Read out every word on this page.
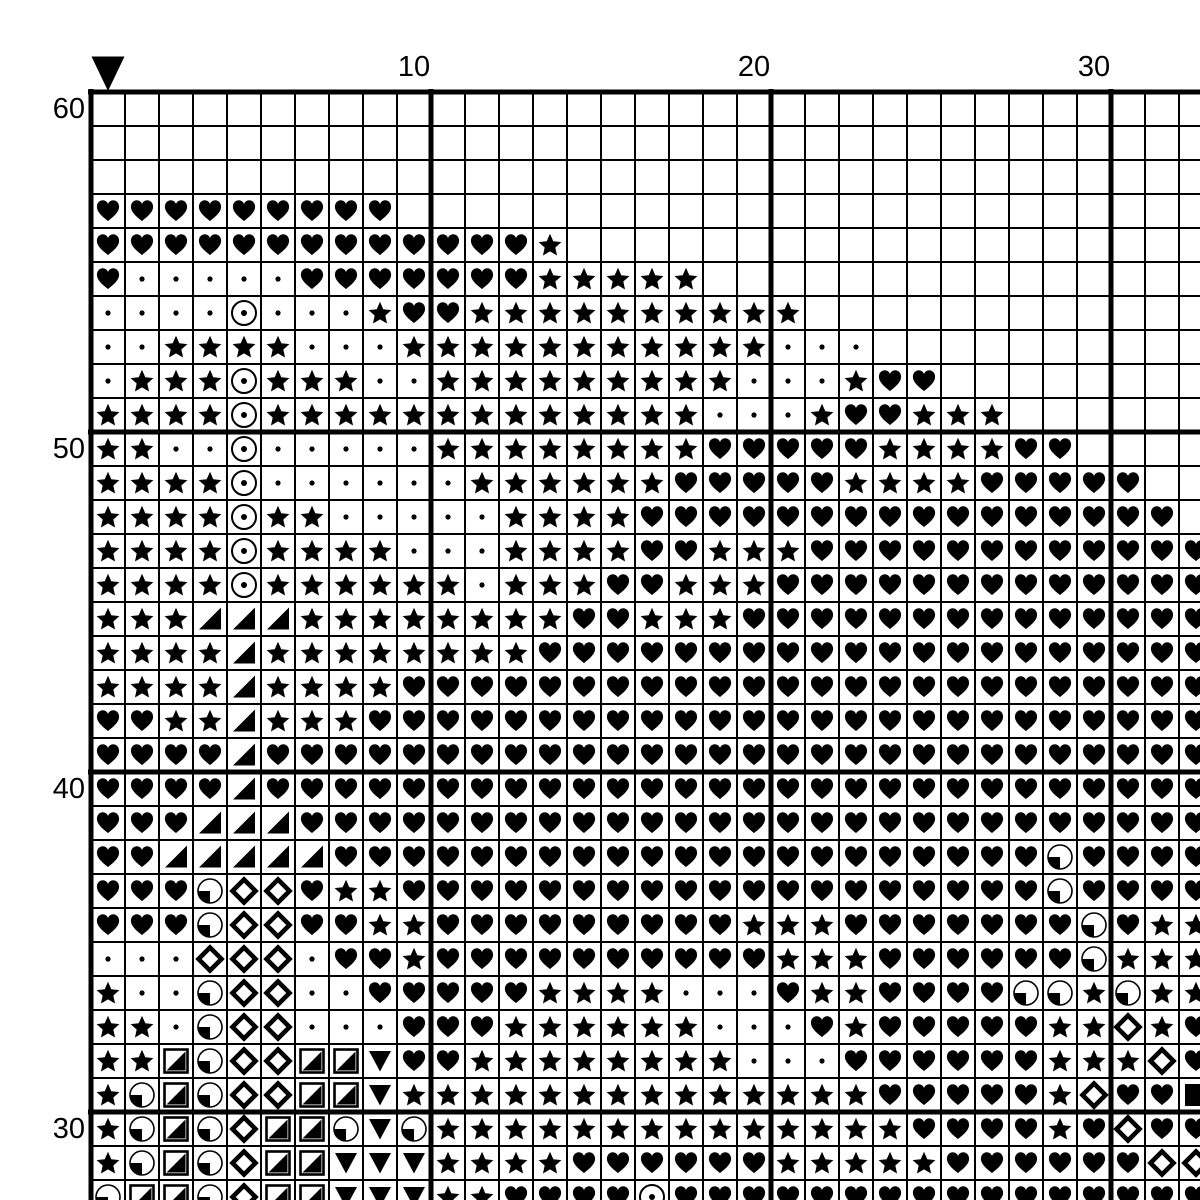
10	20	30
60
50
40
30
